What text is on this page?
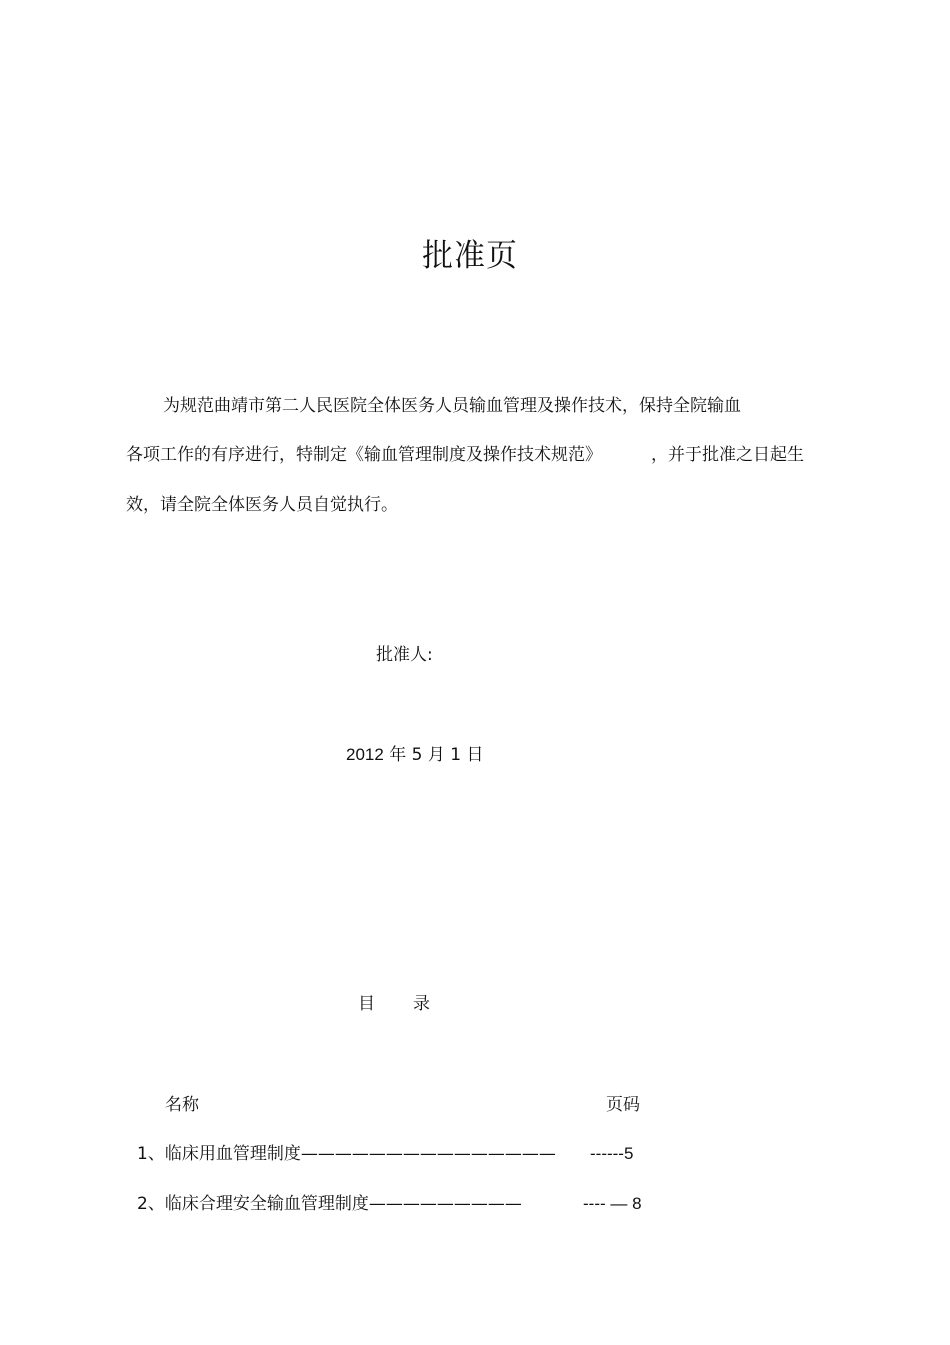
批准页
为规范曲靖市第二人民医院全体医务人员输血管理及操作技术，保持全院输血
各项工作的有序进行，特制定《输血管理制度及操作技术规范》	，并于批准之日起生
效，请全院全体医务人员自觉执行。
批准人:
2012 年 5 月 1 日
目 录
名称	页码
1、临床用血管理制度——————————————— ------5
2、临床合理安全输血管理制度—————————	---- — 8
